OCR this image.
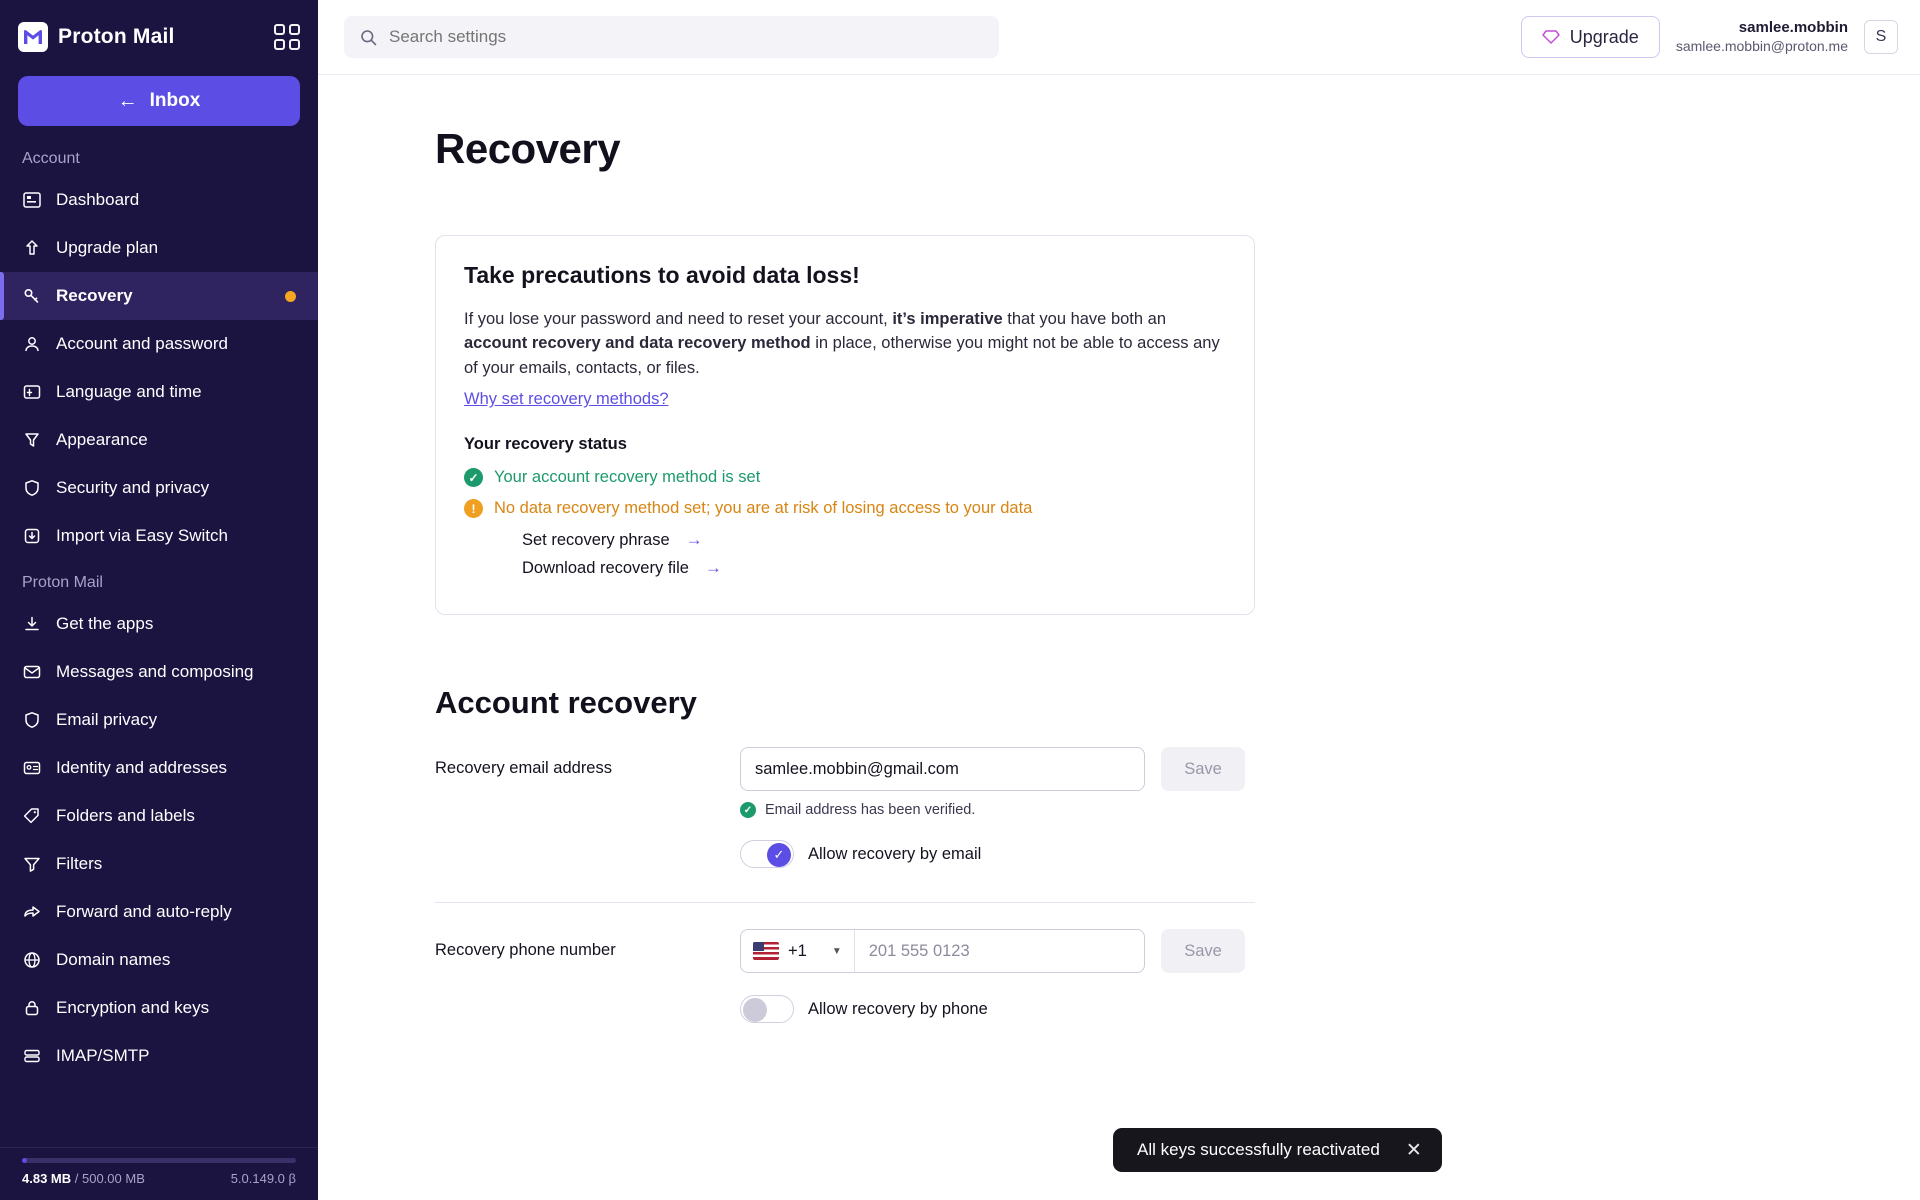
Proton Mail
← Inbox
Account
Dashboard
Upgrade plan
Recovery
Account and password
Language and time
Appearance
Security and privacy
Import via Easy Switch
Proton Mail
Get the apps
Messages and composing
Email privacy
Identity and addresses
Folders and labels
Filters
Forward and auto-reply
Domain names
Encryption and keys
IMAP/SMTP
4.83 MB / 500.00 MB	5.0.149.0 β
Search settings
Upgrade	samlee.mobbin
samlee.mobbin@proton.me
S
Recovery
Take precautions to avoid data loss!

If you lose your password and need to reset your account, it’s imperative that you have both an account recovery and data recovery method in place, otherwise you might not be able to access any of your emails, contacts, or files.

Why set recovery methods?
Your recovery status
✓ Your account recovery method is set
!	No data recovery method set; you are at risk of losing access to your data
Set recovery phrase →
Download recovery file →
Account recovery
Recovery email address
samlee.mobbin@gmail.com	Save
✓ Email address has been verified.
✓	Allow recovery by email
Recovery phone number	+1	▼
201 555 0123	Save
Allow recovery by phone
All keys successfully reactivated ✕
